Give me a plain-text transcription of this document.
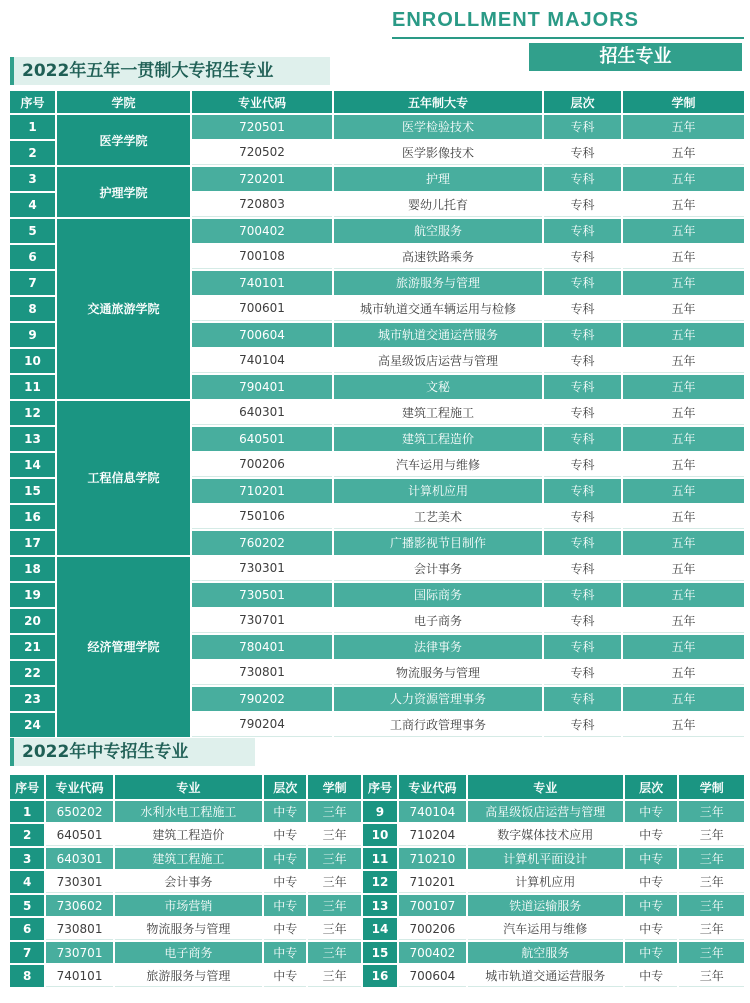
ENROLLMENT MAJORS
招生专业
2022年五年一贯制大专招生专业
序号	学院	专业代码	五年制大专	层次	学制
1	医学学院	720501	医学检验技术	专科	五年
2		720502	医学影像技术	专科	五年
3	护理学院	720201	护理	专科	五年
4		720803	婴幼儿托育	专科	五年
5	交通旅游学院	700402	航空服务	专科	五年
6		700108	高速铁路乘务	专科	五年
7		740101	旅游服务与管理	专科	五年
8		700601	城市轨道交通车辆运用与检修	专科	五年
9		700604	城市轨道交通运营服务	专科	五年
10		740104	高星级饭店运营与管理	专科	五年
11		790401	文秘	专科	五年
12	工程信息学院	640301	建筑工程施工	专科	五年
13		640501	建筑工程造价	专科	五年
14		700206	汽车运用与维修	专科	五年
15		710201	计算机应用	专科	五年
16		750106	工艺美术	专科	五年
17		760202	广播影视节目制作	专科	五年
18	经济管理学院	730301	会计事务	专科	五年
19		730501	国际商务	专科	五年
20		730701	电子商务	专科	五年
21		780401	法律事务	专科	五年
22		730801	物流服务与管理	专科	五年
23		790202	人力资源管理事务	专科	五年
24		790204	工商行政管理事务	专科	五年
2022年中专招生专业
序号	专业代码	专业	层次	学制	序号	专业代码	专业	层次	学制
1	650202	水利水电工程施工	中专	三年	9	740104	高星级饭店运营与管理	中专	三年
2	640501	建筑工程造价	中专	三年	10	710204	数字媒体技术应用	中专	三年
3	640301	建筑工程施工	中专	三年	11	710210	计算机平面设计	中专	三年
4	730301	会计事务	中专	三年	12	710201	计算机应用	中专	三年
5	730602	市场营销	中专	三年	13	700107	铁道运输服务	中专	三年
6	730801	物流服务与管理	中专	三年	14	700206	汽车运用与维修	中专	三年
7	730701	电子商务	中专	三年	15	700402	航空服务	中专	三年
8	740101	旅游服务与管理	中专	三年	16	700604	城市轨道交通运营服务	中专	三年
